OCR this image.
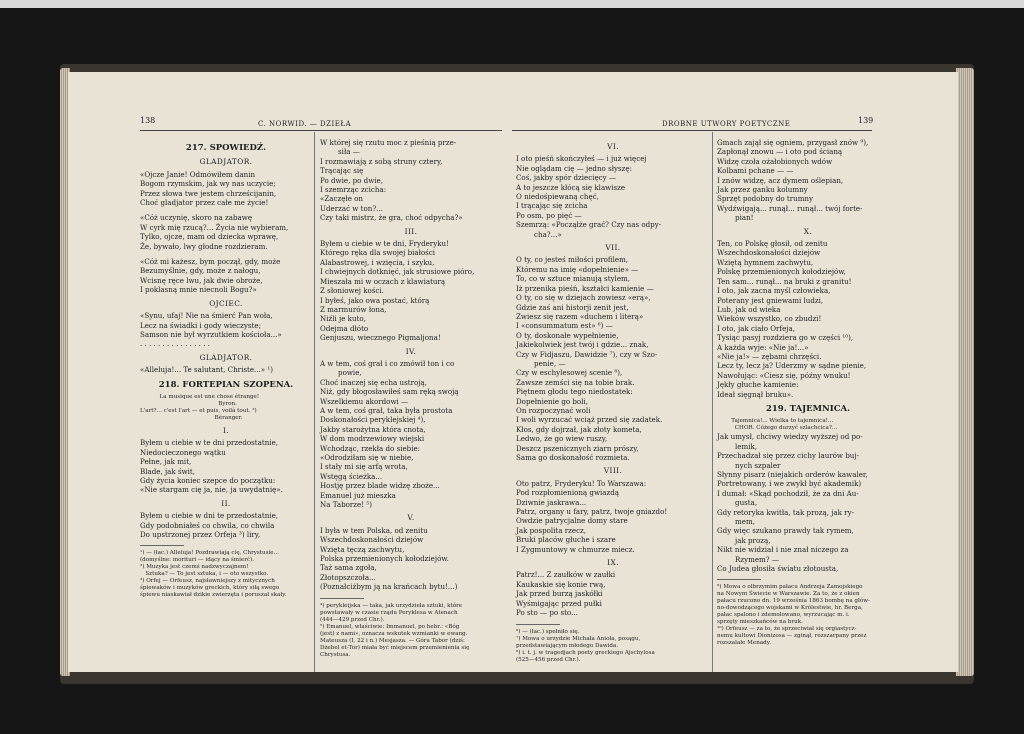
138	C. NORWID. — DZIEŁA
217. SPOWIEDŹ.
GLADJATOR.

«Ojcze Janie! Odmówiłem danin
Bogom rzymskim, jak wy nas uczycie;
Przez słowa twe jestem chrześcijanin,
Choć gladjator przez całe me życie!

«Cóż uczynię, skoro na zabawę
W cyrk mię rzucą?... Życia nie wybieram,
Tylko, ojcze, mam od dziecka wprawę,
Że, bywało, lwy głodne rozdzieram.

«Cóż mi każesz, bym począł, gdy, może
Bezumyślnie, gdy, może z nałogu,
Wcisnę ręce lwu, jak dwie obroże,
I poklasną mnie niecnoli Bogu?»

OJCIEC.

«Synu, ufaj! Nie na śmierć Pan woła,
Lecz na świadki i gody wieczyste;
Samson nie był wyrzutkiem kościoła...»

. . . . . . . . . . . . . . . .

GLADJATOR.

«Alleluja!... Te salutant, Christe...» ¹)

218. FORTEPIAN SZOPENA.
La musique est une chose étrange!
Byron.
L'art?... c'est l'art — et puis, voilà tout. ²)
Béranger.
I.

Byłem u ciebie w te dni przedostatnie,
Niedocieczonego wątku
Pełne, jak mit,
Blade, jak świt,
Gdy życia koniec szepce do początku:
«Nie stargam cię ja, nie, ja uwydatnię».

II.

Byłem u ciebie w dni te przedostatnie,
Gdy podobniałeś co chwila, co chwila
Do upstrzonej przez Orfeja ³) liry,

¹) — (łac.) Alleluja! Pozdrawiają cię, Chrystusie...
(domyślne: morituri — idący na śmierć).
²) Muzyka jest czemś nadzwyczajnem!
Sztuka? — To jest sztuka, i — oto wszystko.
³) Orfej — Orfeusz, najsławniejszy z mitycznych
śpiewaków i muzyków greckich, który siłą swego
śpiewu niaskawiał dzikie zwierzęta i poruszał skały.

W której się rzutu moc z pieśnią prze-
siła —
I rozmawiają z sobą struny cztery,
Trącając się
Po dwie, po dwie,
I szemrząc zcicha:
«Zaczęłe on
Uderzać w ton?...
Czy taki mistrz, że gra, choć odpycha?»

III.

Byłem u ciebie w te dni, Fryderyku!
Którego ręka dla swojej białości
Alabastrowej, i wzięcia, i szyku,
I chwiejnych dotknięć, jak strusiowe pióro,
Mieszała mi w oczach z klawiaturą
Z słoniowej kości.
I byłeś, jako owa postać, którą
Z marmurów łona,
Niźli je kuto,
Odejma dłóto
Genjuszu, wiecznego Pigmaljona!

IV.

A w tem, coś grał i co zmówił ton i co
powie,
Choć inaczej się echa ustroją,
Niż, gdy błogosławiłeś sam ręką swoją
Wszelkiemu akordowi —
A w tem, coś grał, taka była prostota
Doskonałości peryklejskiej ⁴),
Jakby starożytna która cnota,
W dom modrzewiowy wiejski
Wchodząc, rzekła do siebie:
«Odrodziłam się w niebie,
I stały mi się arfą wrota,
Wstęgą ścieżka...
Hostję przez blade widzę zboże...
Emanuel już mieszka
Na Taborze! ⁵)

V.

I była w tem Polska, od zenitu
Wszechdoskonałości dziejów
Wzięta tęczą zachwytu,
Polska przemienionych kołodziejów.
Taż sama zgoła,
Złotopszczoła...
(Poznałciżbym ją na krańcach bytu!...)

⁴) perykleijska — taka, jak urzydzieła sztuki, które
powstawały w czasie rządu Peryklesa w Atenach
(444—429 przed Chr.).
⁵) Emanuel, właściwie: Immanuel, po hebr.: «Bóg
(jest) z nami», oznacza wskutek wzmianki w ewang.
Mateusza (I, 22 i n.) Mesjasza. — Góra Tabor (dziś:
Dżebel et-Tor) miała być miejscem przemienienia się
Chrystusa.
DROBNE UTWORY POETYCZNE	139
VI.

I oto pieśń skończyłeś — i już więcej
Nie oglądam cię — jedno słyszę:
Coś, jakby spór dziecięcy —
A to jeszcze kłócą się klawisze
O niedośpiewaną chęć,
I trącając się zcicha
Po osm, po pięć —
Szemrzą: «Począłże grać? Czy nas odpy-
cha?...»

VII.

O ty, co jesteś miłości profilem,
Któremu na imię «dopełnienie» —
To, co w sztuce mianują stylem,
Iż przenika pieśń, kształci kamienie —
O ty, co się w dziejach zowiesz «erą»,
Gdzie zaś ani historji zenit jest,
Zwiesz się razem «duchem i literą»
I «consummatum est» ⁶) —
O ty, doskonałe wypełnienie,
Jakiekolwiek jest twój i gdzie... znak,
Czy w Fidjaszu, Dawidzie ⁷), czy w Szo-
penie, —
Czy w eschylesowej scenie ⁸),
Zawsze zemści się na tobie brak.
Piętnem głodu tego niedostatek:
Dopełnienie go boli,
On rozpoczynać woli
I woli wyrzucać wciąż przed się zadatek.
Kłos, gdy dojrzał, jak złoty kometa,
Ledwo, że go wiew ruszy,
Deszcz pszenicznych ziarn prószy,
Sama go doskonałość rozmieta.

VIII.

Oto patrz, Fryderyku! To Warszawa:
Pod rozpłomienioną gwiazdą
Dziwnie jaskrawa...
Patrz, organy u fary, patrz, twoje gniazdo!
Owdzie patrycjalne domy stare
Jak pospolita rzecz,
Bruki placów głuche i szare
I Zygmuntowy w chmurze miecz.

IX.

Patrz!... Z zaułków w zaułki
Kaukaskie się konie rwą,
Jak przed burzą jaskółki
Wyśmigając przed pułki
Po sto — po sto...

⁶) — (łac.) spełniło się.
⁷) Mowa o urzydzie Michała Anioła, posągu,
przedstawiającym młodego Dawida.
⁸) i. t. j. w tragedjach poety greckiego Ajschylosa
(525—456 przed Chr.).

Gmach zajął się ogniem, przygasł znów ⁹),
Zapłonął znowu — i oto pod ścianą
Widzę czoła ożałobionych wdów
Kolbami pchane — —
I znów widzę, acz dymem oślepian,
Jak przez ganku kolumny
Sprzęt podobny do trumny
Wydźwigają... runął... runął... twój forte-
pian!

X.

Ten, co Polskę głosił, od zenitu
Wszechdoskonałości dziejów
Wziętą hymnem zachwytu,
Polskę przemienionych kołodziejów,
Ten sam... runął... na bruki z granitu!
I oto, jak zacna myśl człowieka,
Poterany jest gniewami ludzi,
Lub, jak od wieka
Wieków wszystko, co zbudzi!
I oto, jak ciało Orfeja,
Tysiąc pasyj rozdziera go w części ¹⁰),
A każda wyje: «Nie ja!...»
«Nie ja!» — zębami chrzęści.
Lecz ty, lecz ja? Uderzmy w sądne pienie,
Nawołując: «Ciesz się, późny wnuku!
Jękły głuche kamienie:
Ideał sięgnął bruku».

219. TAJEMNICA.
Tajemnica!... Wielka to tajemnica!...
CHOR. Cóżego durzyć szlachcica?...

Jak umysł, chciwy wiedzy wyższej od po-
lemik,
Przechadzał się przez cichy laurów buj-
nych szpaler
Słynny pisarz (niejakich orderów kawaler,
Portretowany, i we zwykł być akademik)
I dumał: «Skąd pochodził, że za dni Au-
gusta,
Gdy retoryka kwitła, tak prozą, jak ry-
mem,
Gdy więc szukano prawdy tak rymem,
jak prozą,
Nikt nie widział i nie znał niczego za
Rzymem? —
Co Judea głosiła światu złotousta,

⁹) Mowa o olbrzymim pałacu Andrzeja Zamojskiego
na Nowym Świecie w Warszawie. Za to, że z okien
pałacu rzucono dn. 19 września 1863 bombę na głów-
no-dowodzącego wojskami w Królestwie, hr. Berga,
pałac spalono i zdemolowano, wyrzucając m. i.
sprzęty mieszkańców na bruk.
¹⁰) Orfeusz — za to, że sprzeciwiał się orgiastycz-
nemu kultowi Dionizosa — zginął, rozszarpany przez
rozszalałe Menady.
